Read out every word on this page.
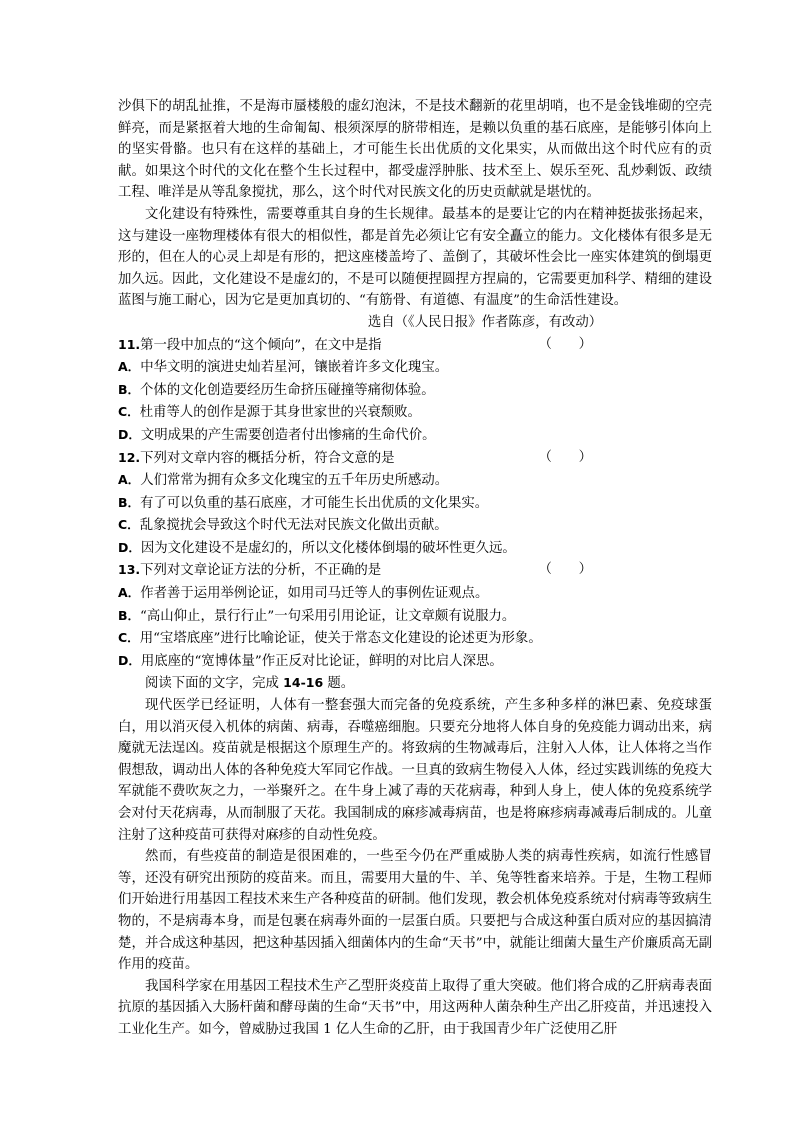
沙俱下的胡乱扯推，不是海市蜃楼般的虚幻泡沫，不是技术翻新的花里胡哨，也不是金钱堆砌的空壳鲜亮，而是紧抠着大地的生命匍匐、根须深厚的脐带相连，是赖以负重的基石底座，是能够引体向上的坚实骨骼。也只有在这样的基础上，才可能生长出优质的文化果实，从而做出这个时代应有的贡献。如果这个时代的文化在整个生长过程中，都受虚浮肿胀、技术至上、娱乐至死、乱炒剩饭、政绩工程、唯洋是从等乱象搅扰，那么，这个时代对民族文化的历史贡献就是堪忧的。

文化建设有特殊性，需要尊重其自身的生长规律。最基本的是要让它的内在精神挺拔张扬起来，这与建设一座物理楼体有很大的相似性，都是首先必须让它有安全矗立的能力。文化楼体有很多是无形的，但在人的心灵上却是有形的，把这座楼盖垮了、盖倒了，其破坏性会比一座实体建筑的倒塌更加久远。因此，文化建设不是虚幻的，不是可以随便捏圆捏方捏扁的，它需要更加科学、精细的建设蓝图与施工耐心，因为它是更加真切的、“有筋骨、有道德、有温度”的生命活性建设。

选自（《人民日报》作者陈彦，有改动）

11.第一段中加点的“这个倾向”，在文中是指	（　　）

A．中华文明的演进史灿若星河，镶嵌着许多文化瑰宝。

B．个体的文化创造要经历生命挤压碰撞等痛彻体验。

C．杜甫等人的创作是源于其身世家世的兴衰颓败。

D．文明成果的产生需要创造者付出惨痛的生命代价。

12.下列对文章内容的概括分析，符合文意的是	（　　）

A．人们常常为拥有众多文化瑰宝的五千年历史所感动。

B．有了可以负重的基石底座，才可能生长出优质的文化果实。

C．乱象搅扰会导致这个时代无法对民族文化做出贡献。

D．因为文化建设不是虚幻的，所以文化楼体倒塌的破坏性更久远。

13.下列对文章论证方法的分析，不正确的是	（　　）

A．作者善于运用举例论证，如用司马迁等人的事例佐证观点。

B．“高山仰止，景行行止”一句采用引用论证，让文章颇有说服力。

C．用“宝塔底座”进行比喻论证，使关于常态文化建设的论述更为形象。

D．用底座的“宽博体量”作正反对比论证，鲜明的对比启人深思。

阅读下面的文字，完成 14-16 题。

现代医学已经证明，人体有一整套强大而完备的免疫系统，产生多种多样的淋巴素、免疫球蛋白，用以消灭侵入机体的病菌、病毒，吞噬癌细胞。只要充分地将人体自身的免疫能力调动出来，病魔就无法逞凶。疫苗就是根据这个原理生产的。将致病的生物减毒后，注射入人体，让人体将之当作假想敌，调动出人体的各种免疫大军同它作战。一旦真的致病生物侵入人体，经过实践训练的免疫大军就能不费吹灰之力，一举聚歼之。在牛身上减了毒的天花病毒，种到人身上，使人体的免疫系统学会对付天花病毒，从而制服了天花。我国制成的麻疹减毒病苗，也是将麻疹病毒减毒后制成的。儿童注射了这种疫苗可获得对麻疹的自动性免疫。

然而，有些疫苗的制造是很困难的，一些至今仍在严重威胁人类的病毒性疾病，如流行性感冒等，还没有研究出预防的疫苗来。而且，需要用大量的牛、羊、兔等牲畜来培养。于是，生物工程师们开始进行用基因工程技术来生产各种疫苗的研制。他们发现，教会机体免疫系统对付病毒等致病生物的，不是病毒本身，而是包裹在病毒外面的一层蛋白质。只要把与合成这种蛋白质对应的基因搞清楚，并合成这种基因，把这种基因插入细菌体内的生命“天书”中，就能让细菌大量生产价廉质高无副作用的疫苗。

我国科学家在用基因工程技术生产乙型肝炎疫苗上取得了重大突破。他们将合成的乙肝病毒表面抗原的基因插入大肠杆菌和酵母菌的生命“天书”中，用这两种人菌杂种生产出乙肝疫苗，并迅速投入工业化生产。如今，曾威胁过我国 1 亿人生命的乙肝，由于我国青少年广泛使用乙肝
